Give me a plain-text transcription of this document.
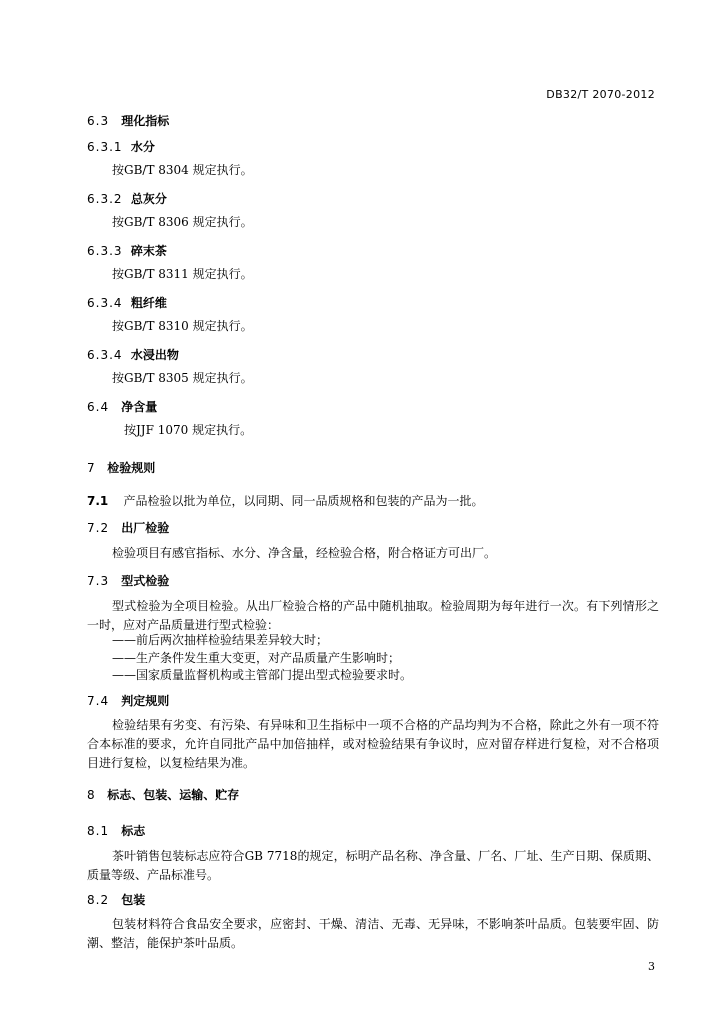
DB32/T 2070-2012
6.3 理化指标
6.3.1 水分
按GB/T 8304 规定执行。
6.3.2 总灰分
按GB/T 8306 规定执行。
6.3.3 碎末茶
按GB/T 8311 规定执行。
6.3.4 粗纤维
按GB/T 8310 规定执行。
6.3.4 水浸出物
按GB/T 8305 规定执行。
6.4 净含量
按JJF 1070 规定执行。
7 检验规则
7.1 产品检验以批为单位，以同期、同一品质规格和包装的产品为一批。
7.2 出厂检验
检验项目有感官指标、水分、净含量，经检验合格，附合格证方可出厂。
7.3 型式检验
型式检验为全项目检验。从出厂检验合格的产品中随机抽取。检验周期为每年进行一次。有下列情形之一时，应对产品质量进行型式检验：
——前后两次抽样检验结果差异较大时；
——生产条件发生重大变更，对产品质量产生影响时；
——国家质量监督机构或主管部门提出型式检验要求时。
7.4 判定规则
检验结果有劣变、有污染、有异味和卫生指标中一项不合格的产品均判为不合格，除此之外有一项不符合本标准的要求，允许自同批产品中加倍抽样，或对检验结果有争议时，应对留存样进行复检，对不合格项目进行复检，以复检结果为准。
8 标志、包装、运输、贮存
8.1 标志
茶叶销售包装标志应符合GB 7718的规定，标明产品名称、净含量、厂名、厂址、生产日期、保质期、质量等级、产品标准号。
8.2 包装
包装材料符合食品安全要求，应密封、干燥、清洁、无毒、无异味，不影响茶叶品质。包装要牢固、防潮、整洁，能保护茶叶品质。
3
